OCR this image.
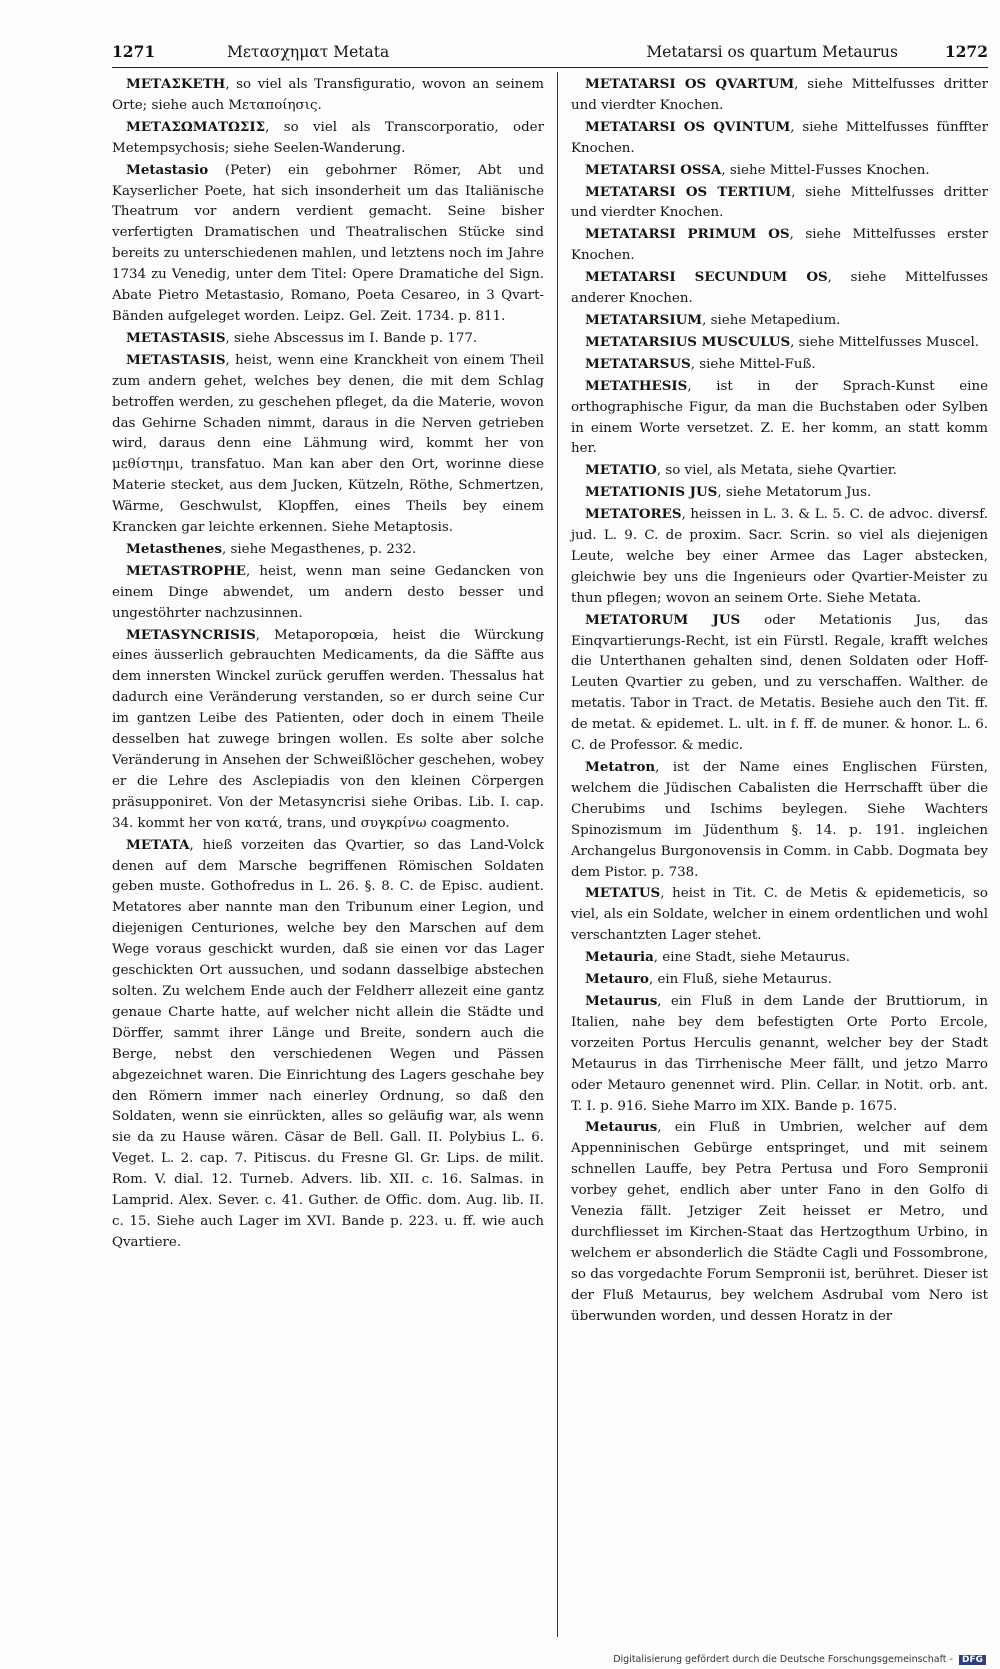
1271	Μετασχηματ Metata	Metatarsi os quartum Metaurus	1272

ΜΕΤΑΣΚΕΤΗ, so viel als Transfiguratio, wovon an seinem Orte; siehe auch Μεταποίησις.

ΜΕΤΑΣΩΜΑΤΩΣΙΣ, so viel als Transcorporatio, oder Metempsychosis; siehe Seelen-Wanderung.

Metastasio (Peter) ein gebohrner Römer, Abt und Kayserlicher Poete, hat sich insonderheit um das Italiänische Theatrum vor andern verdient gemacht. Seine bisher verfertigten Dramatischen und Theatralischen Stücke sind bereits zu unterschiedenen mahlen, und letztens noch im Jahre 1734 zu Venedig, unter dem Titel: Opere Dramatiche del Sign. Abate Pietro Metastasio, Romano, Poeta Cesareo, in 3 Qvart-Bänden aufgeleget worden. Leipz. Gel. Zeit. 1734. p. 811.

METASTASIS, siehe Abscessus im I. Bande p. 177.

METASTASIS, heist, wenn eine Kranckheit von einem Theil zum andern gehet, welches bey denen, die mit dem Schlag betroffen werden, zu geschehen pfleget, da die Materie, wovon das Gehirne Schaden nimmt, daraus in die Nerven getrieben wird, daraus denn eine Lähmung wird, kommt her von μεθίστημι, transfatuo. Man kan aber den Ort, worinne diese Materie stecket, aus dem Jucken, Kützeln, Röthe, Schmertzen, Wärme, Geschwulst, Klopffen, eines Theils bey einem Krancken gar leichte erkennen. Siehe Metaptosis.

Metasthenes, siehe Megasthenes, p. 232.

METASTROPHE, heist, wenn man seine Gedancken von einem Dinge abwendet, um andern desto besser und ungestöhrter nachzusinnen.

METASYNCRISIS, Metaporopœia, heist die Würckung eines äusserlich gebrauchten Medicaments, da die Säffte aus dem innersten Winckel zurück geruffen werden. Thessalus hat dadurch eine Veränderung verstanden, so er durch seine Cur im gantzen Leibe des Patienten, oder doch in einem Theile desselben hat zuwege bringen wollen. Es solte aber solche Veränderung in Ansehen der Schweißlöcher geschehen, wobey er die Lehre des Asclepiadis von den kleinen Cörpergen präsupponiret. Von der Metasyncrisi siehe Oribas. Lib. I. cap. 34. kommt her von κατά, trans, und συγκρίνω coagmento.

METATA, hieß vorzeiten das Qvartier, so das Land-Volck denen auf dem Marsche begriffenen Römischen Soldaten geben muste. Gothofredus in L. 26. §. 8. C. de Episc. audient. Metatores aber nannte man den Tribunum einer Legion, und diejenigen Centuriones, welche bey den Marschen auf dem Wege voraus geschickt wurden, daß sie einen vor das Lager geschickten Ort aussuchen, und sodann dasselbige abstechen solten. Zu welchem Ende auch der Feldherr allezeit eine gantz genaue Charte hatte, auf welcher nicht allein die Städte und Dörffer, sammt ihrer Länge und Breite, sondern auch die Berge, nebst den verschiedenen Wegen und Pässen abgezeichnet waren. Die Einrichtung des Lagers geschahe bey den Römern immer nach einerley Ordnung, so daß den Soldaten, wenn sie einrückten, alles so geläufig war, als wenn sie da zu Hause wären. Cäsar de Bell. Gall. II. Polybius L. 6. Veget. L. 2. cap. 7. Pitiscus. du Fresne Gl. Gr. Lips. de milit. Rom. V. dial. 12. Turneb. Advers. lib. XII. c. 16. Salmas. in Lamprid. Alex. Sever. c. 41. Guther. de Offic. dom. Aug. lib. II. c. 15. Siehe auch Lager im XVI. Bande p. 223. u. ff. wie auch Qvartiere.

METATARSI OS QVARTUM, siehe Mittelfusses dritter und vierdter Knochen.

METATARSI OS QVINTUM, siehe Mittelfusses fünffter Knochen.

METATARSI OSSA, siehe Mittel-Fusses Knochen.

METATARSI OS TERTIUM, siehe Mittelfusses dritter und vierdter Knochen.

METATARSI PRIMUM OS, siehe Mittelfusses erster Knochen.

METATARSI SECUNDUM OS, siehe Mittelfusses anderer Knochen.

METATARSIUM, siehe Metapedium.

METATARSIUS MUSCULUS, siehe Mittelfusses Muscel.

METATARSUS, siehe Mittel-Fuß.

METATHESIS, ist in der Sprach-Kunst eine orthographische Figur, da man die Buchstaben oder Sylben in einem Worte versetzet. Z. E. her komm, an statt komm her.

METATIO, so viel, als Metata, siehe Qvartier.

METATIONIS JUS, siehe Metatorum Jus.

METATORES, heissen in L. 3. & L. 5. C. de advoc. diversf. jud. L. 9. C. de proxim. Sacr. Scrin. so viel als diejenigen Leute, welche bey einer Armee das Lager abstecken, gleichwie bey uns die Ingenieurs oder Qvartier-Meister zu thun pflegen; wovon an seinem Orte. Siehe Metata.

METATORUM JUS oder Metationis Jus, das Einqvartierungs-Recht, ist ein Fürstl. Regale, krafft welches die Unterthanen gehalten sind, denen Soldaten oder Hoff-Leuten Qvartier zu geben, und zu verschaffen. Walther. de metatis. Tabor in Tract. de Metatis. Besiehe auch den Tit. ff. de metat. & epidemet. L. ult. in f. ff. de muner. & honor. L. 6. C. de Professor. & medic.

Metatron, ist der Name eines Englischen Fürsten, welchem die Jüdischen Cabalisten die Herrschafft über die Cherubims und Ischims beylegen. Siehe Wachters Spinozismum im Jüdenthum §. 14. p. 191. ingleichen Archangelus Burgonovensis in Comm. in Cabb. Dogmata bey dem Pistor. p. 738.

METATUS, heist in Tit. C. de Metis & epidemeticis, so viel, als ein Soldate, welcher in einem ordentlichen und wohl verschantzten Lager stehet.

Metauria, eine Stadt, siehe Metaurus.

Metauro, ein Fluß, siehe Metaurus.

Metaurus, ein Fluß in dem Lande der Bruttiorum, in Italien, nahe bey dem befestigten Orte Porto Ercole, vorzeiten Portus Herculis genannt, welcher bey der Stadt Metaurus in das Tirrhenische Meer fällt, und jetzo Marro oder Metauro genennet wird. Plin. Cellar. in Notit. orb. ant. T. I. p. 916. Siehe Marro im XIX. Bande p. 1675.

Metaurus, ein Fluß in Umbrien, welcher auf dem Appenninischen Gebürge entspringet, und mit seinem schnellen Lauffe, bey Petra Pertusa und Foro Sempronii vorbey gehet, endlich aber unter Fano in den Golfo di Venezia fällt. Jetziger Zeit heisset er Metro, und durchfliesset im Kirchen-Staat das Hertzogthum Urbino, in welchem er absonderlich die Städte Cagli und Fossombrone, so das vorgedachte Forum Sempronii ist, berühret. Dieser ist der Fluß Metaurus, bey welchem Asdrubal vom Nero ist überwunden worden, und dessen Horatz in der

Digitalisierung gefördert durch die Deutsche Forschungsgemeinschaft - DFG
